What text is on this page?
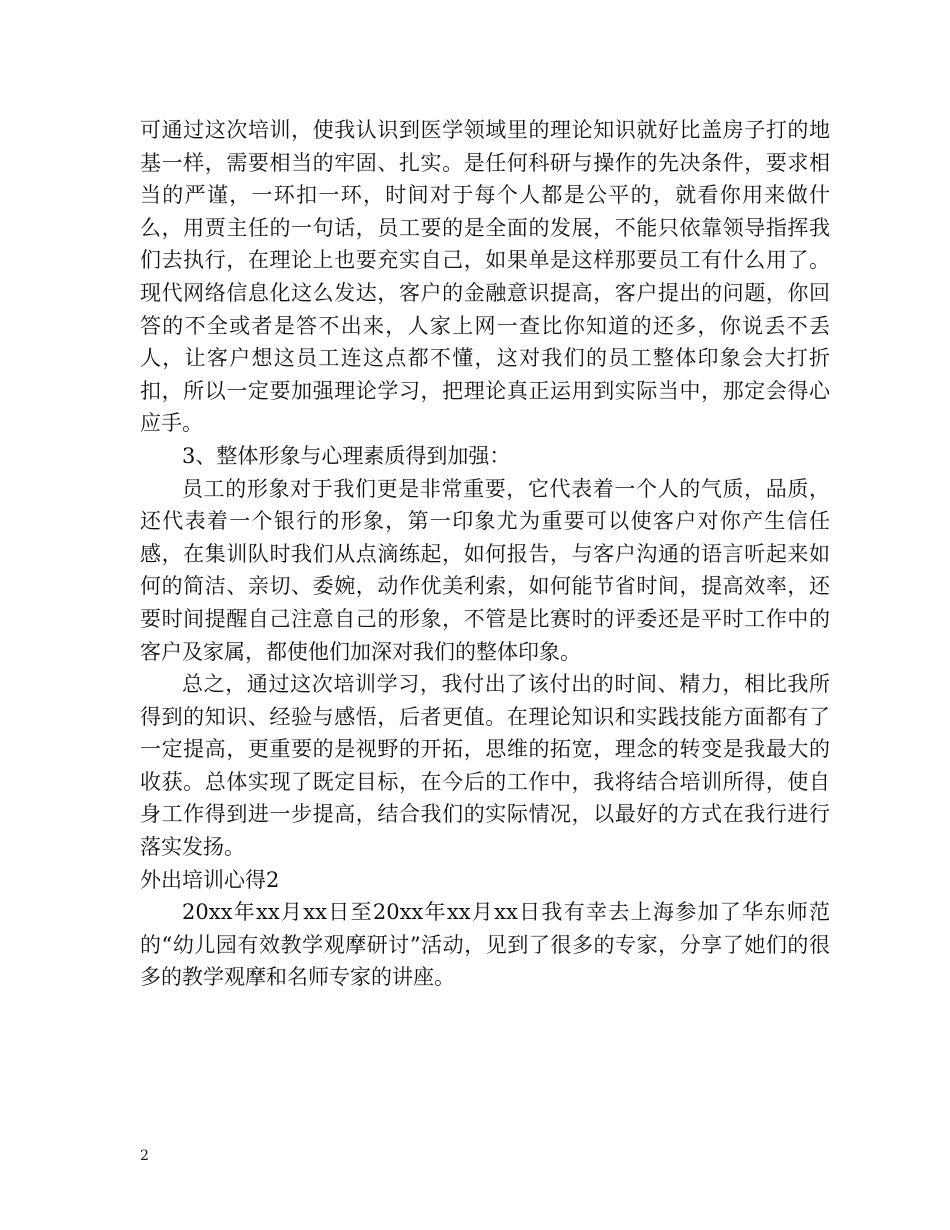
可通过这次培训，使我认识到医学领域里的理论知识就好比盖房子打的地基一样，需要相当的牢固、扎实。是任何科研与操作的先决条件，要求相当的严谨，一环扣一环，时间对于每个人都是公平的，就看你用来做什么，用贾主任的一句话，员工要的是全面的发展，不能只依靠领导指挥我们去执行，在理论上也要充实自己，如果单是这样那要员工有什么用了。现代网络信息化这么发达，客户的金融意识提高，客户提出的问题，你回答的不全或者是答不出来，人家上网一查比你知道的还多，你说丢不丢人，让客户想这员工连这点都不懂，这对我们的员工整体印象会大打折扣，所以一定要加强理论学习，把理论真正运用到实际当中，那定会得心应手。

3、整体形象与心理素质得到加强：

员工的形象对于我们更是非常重要，它代表着一个人的气质，品质，还代表着一个银行的形象，第一印象尤为重要可以使客户对你产生信任感，在集训队时我们从点滴练起，如何报告，与客户沟通的语言听起来如何的简洁、亲切、委婉，动作优美利索，如何能节省时间，提高效率，还要时间提醒自己注意自己的形象，不管是比赛时的评委还是平时工作中的客户及家属，都使他们加深对我们的整体印象。

总之，通过这次培训学习，我付出了该付出的时间、精力，相比我所得到的知识、经验与感悟，后者更值。在理论知识和实践技能方面都有了一定提高，更重要的是视野的开拓，思维的拓宽，理念的转变是我最大的收获。总体实现了既定目标，在今后的工作中，我将结合培训所得，使自身工作得到进一步提高，结合我们的实际情况，以最好的方式在我行进行落实发扬。

外出培训心得2

20xx年xx月xx日至20xx年xx月xx日我有幸去上海参加了华东师范的“幼儿园有效教学观摩研讨”活动，见到了很多的专家，分享了她们的很多的教学观摩和名师专家的讲座。

2
